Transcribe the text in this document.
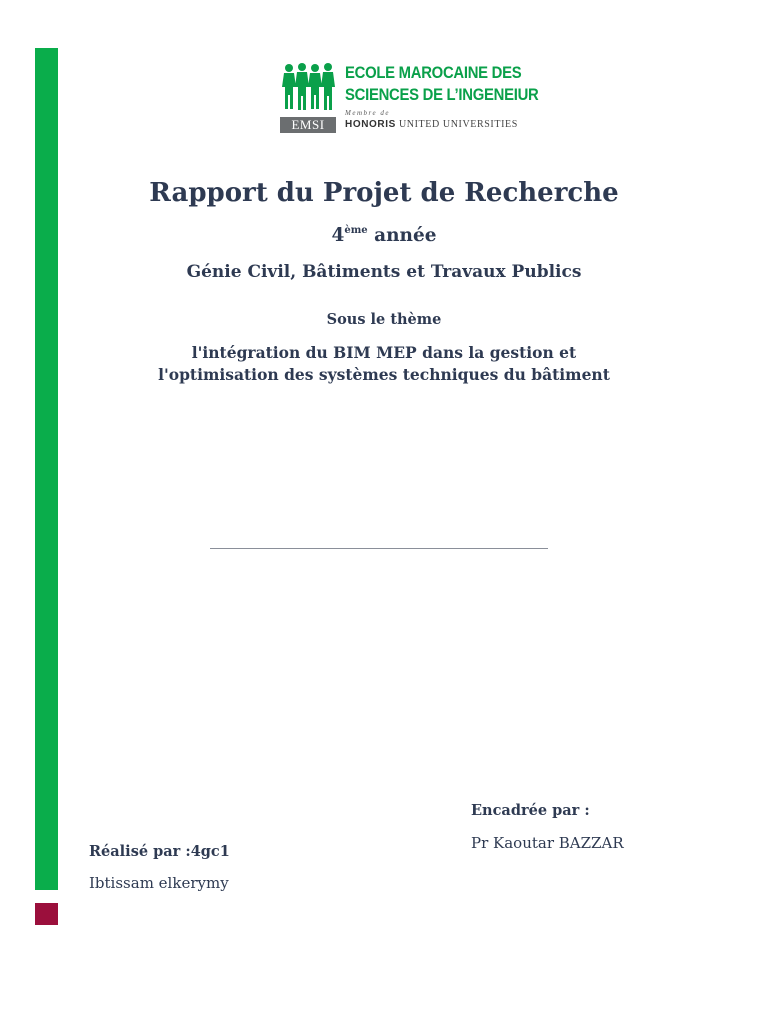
EMSI
ECOLE MAROCAINE DES
SCIENCES DE L’INGENEIUR
Membre de
HONORIS UNITED UNIVERSITIES
Rapport du Projet de Recherche
4ème année
Génie Civil, Bâtiments et Travaux Publics
Sous le thème
l'intégration du BIM MEP dans la gestion et
l'optimisation des systèmes techniques du bâtiment
Encadrée par :
Pr Kaoutar BAZZAR
Réalisé par :4gc1
Ibtissam elkerymy
